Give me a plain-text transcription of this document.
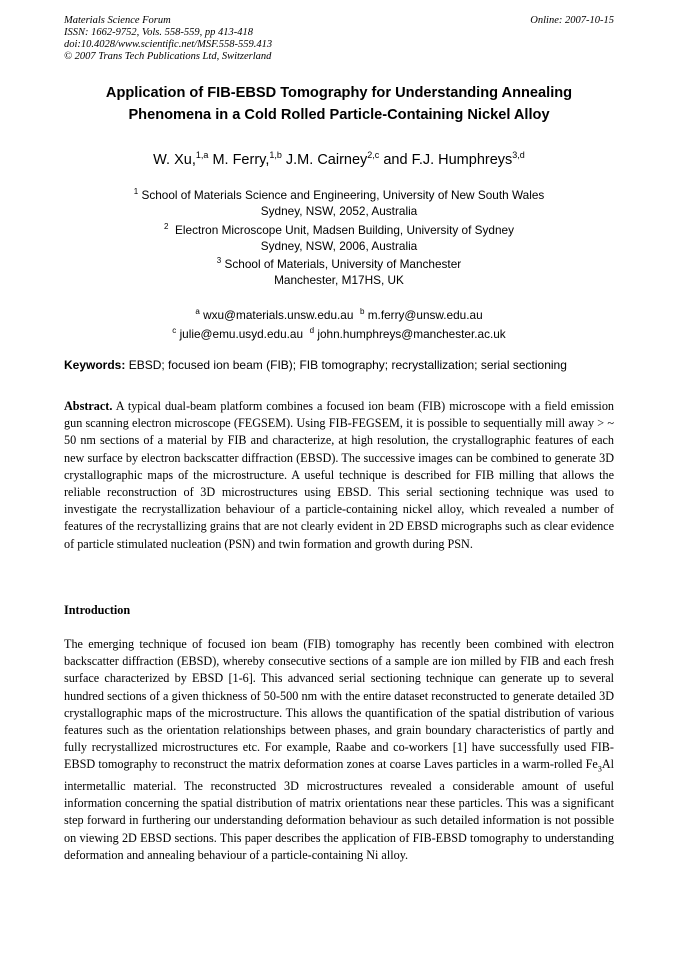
Materials Science Forum
ISSN: 1662-9752, Vols. 558-559, pp 413-418
doi:10.4028/www.scientific.net/MSF.558-559.413
© 2007 Trans Tech Publications Ltd, Switzerland
Online: 2007-10-15
Application of FIB-EBSD Tomography for Understanding Annealing
Phenomena in a Cold Rolled Particle-Containing Nickel Alloy
W. Xu,$^{1,a}$ M. Ferry,$^{1,b}$ J.M. Cairney$^{2,c}$ and F.J. Humphreys$^{3,d}$
$^1$ School of Materials Science and Engineering, University of New South Wales
Sydney, NSW, 2052, Australia
$^2$ Electron Microscope Unit, Madsen Building, University of Sydney
Sydney, NSW, 2006, Australia
$^3$ School of Materials, University of Manchester
Manchester, M17HS, UK
$^a$ wxu@materials.unsw.edu.au $^b$ m.ferry@unsw.edu.au
$^c$ julie@emu.usyd.edu.au $^d$ john.humphreys@manchester.ac.uk
Keywords: EBSD; focused ion beam (FIB); FIB tomography; recrystallization; serial sectioning
Abstract. A typical dual-beam platform combines a focused ion beam (FIB) microscope with a field emission gun scanning electron microscope (FEGSEM). Using FIB-FEGSEM, it is possible to sequentially mill away > ~ 50 nm sections of a material by FIB and characterize, at high resolution, the crystallographic features of each new surface by electron backscatter diffraction (EBSD). The successive images can be combined to generate 3D crystallographic maps of the microstructure. A useful technique is described for FIB milling that allows the reliable reconstruction of 3D microstructures using EBSD. This serial sectioning technique was used to investigate the recrystallization behaviour of a particle-containing nickel alloy, which revealed a number of features of the recrystallizing grains that are not clearly evident in 2D EBSD micrographs such as clear evidence of particle stimulated nucleation (PSN) and twin formation and growth during PSN.
Introduction
The emerging technique of focused ion beam (FIB) tomography has recently been combined with electron backscatter diffraction (EBSD), whereby consecutive sections of a sample are ion milled by FIB and each fresh surface characterized by EBSD [1-6]. This advanced serial sectioning technique can generate up to several hundred sections of a given thickness of 50-500 nm with the entire dataset reconstructed to generate detailed 3D crystallographic maps of the microstructure. This allows the quantification of the spatial distribution of various features such as the orientation relationships between phases, and grain boundary characteristics of partly and fully recrystallized microstructures etc. For example, Raabe and co-workers [1] have successfully used FIB-EBSD tomography to reconstruct the matrix deformation zones at coarse Laves particles in a warm-rolled $Fe_3Al$ intermetallic material. The reconstructed 3D microstructures revealed a considerable amount of useful information concerning the spatial distribution of matrix orientations near these particles. This was a significant step forward in furthering our understanding deformation behaviour as such detailed information is not possible on viewing 2D EBSD sections. This paper describes the application of FIB-EBSD tomography to understanding deformation and annealing behaviour of a particle-containing Ni alloy.
